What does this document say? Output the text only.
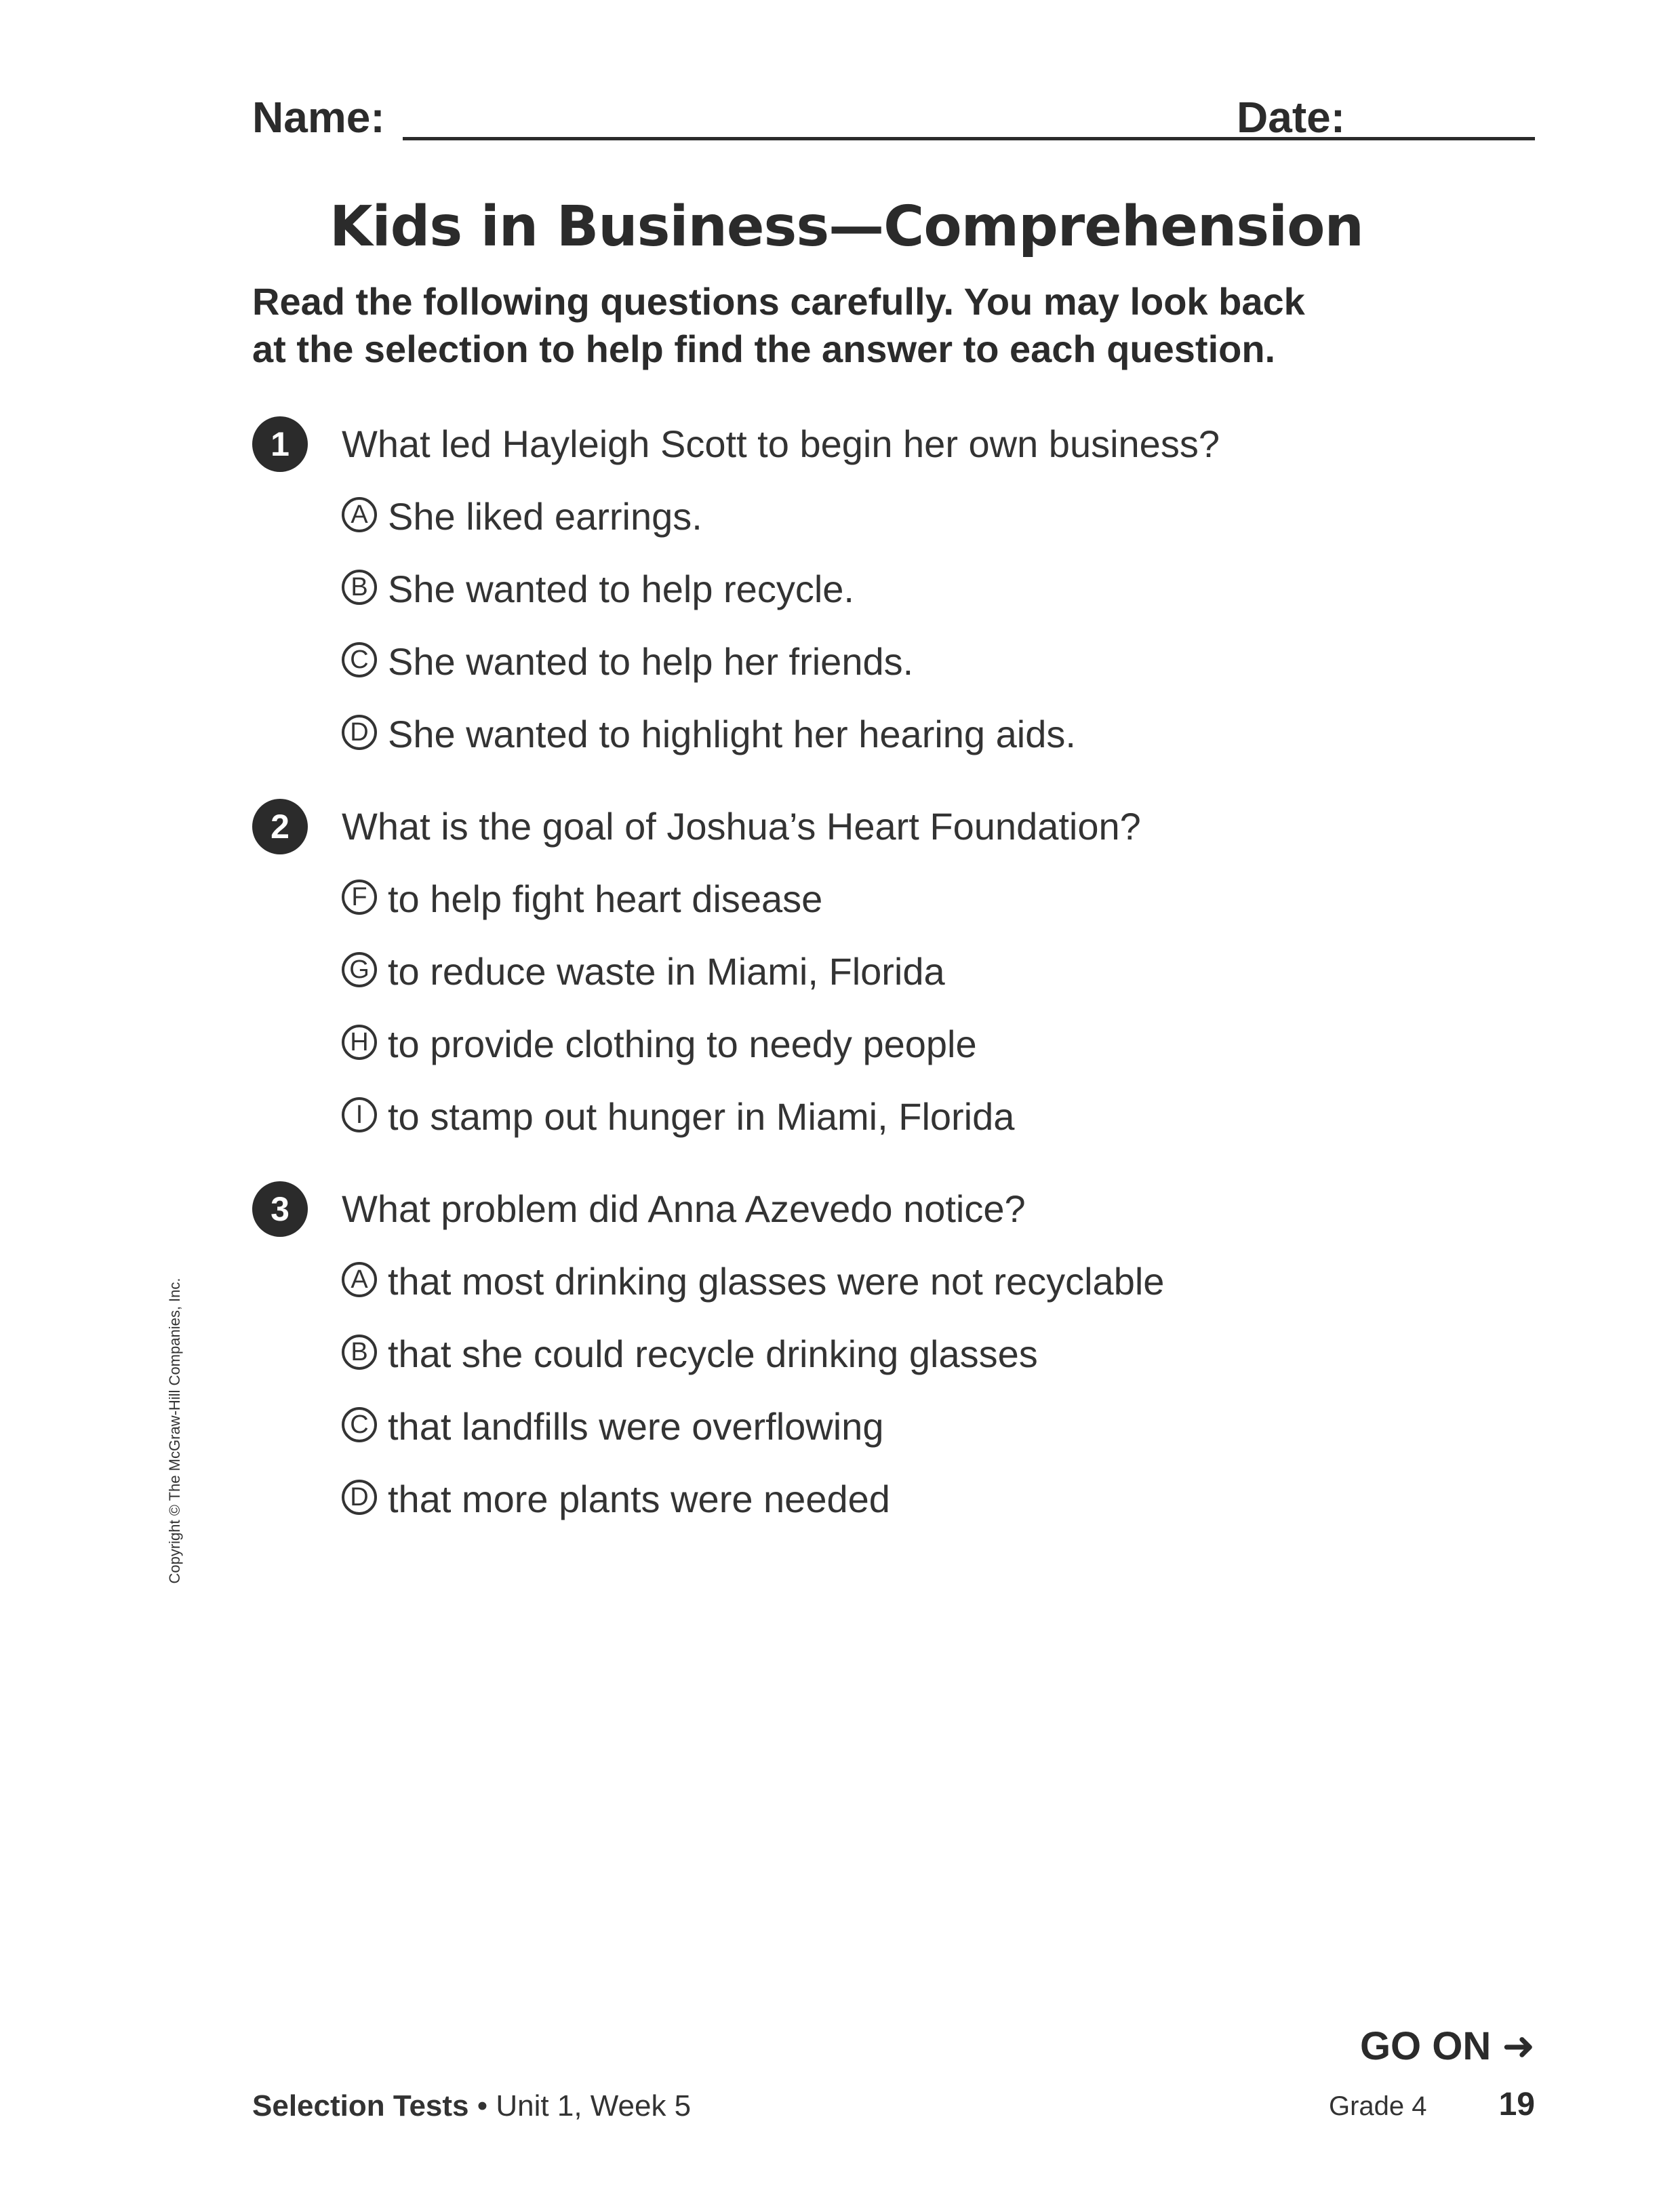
Name:	Date:
Kids in Business—Comprehension
Read the following questions carefully. You may look back
at the selection to help find the answer to each question.
1	What led Hayleigh Scott to begin her own business?
A She liked earrings.
B She wanted to help recycle.
C She wanted to help her friends.
D She wanted to highlight her hearing aids.
2	What is the goal of Joshua’s Heart Foundation?
F to help fight heart disease
G to reduce waste in Miami, Florida
H to provide clothing to needy people
I to stamp out hunger in Miami, Florida
3	What problem did Anna Azevedo notice?
A that most drinking glasses were not recyclable
B that she could recycle drinking glasses
C that landfills were overflowing
D that more plants were needed
Copyright © The McGraw-Hill Companies, Inc.
GO ON ➜
Selection Tests • Unit 1, Week 5	Grade 4 19
